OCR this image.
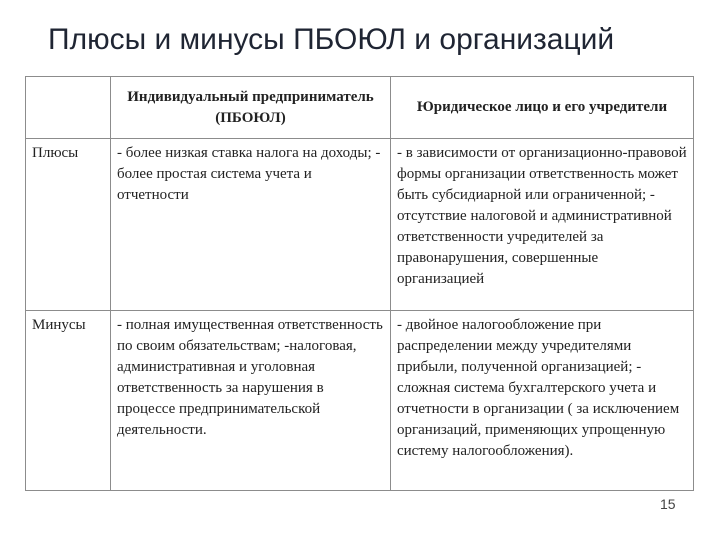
Плюсы и минусы ПБОЮЛ и организаций
	Индивидуальный предприниматель (ПБОЮЛ)	Юридическое лицо и его учредители
Плюсы	- более низкая ставка налога на доходы; - более простая система учета и отчетности	- в зависимости от организационно-правовой формы организации ответственность может быть субсидиарной или ограниченной; - отсутствие налоговой и административной ответственности учредителей за правонарушения, совершенные организацией
Минусы	- полная имущественная ответственность по своим обязательствам; -налоговая, административная и уголовная ответственность за нарушения в процессе предпринимательской деятельности.	- двойное налогообложение при распределении между учредителями прибыли, полученной организацией; - сложная система бухгалтерского учета и отчетности в организации ( за исключением организаций, применяющих упрощенную систему налогообложения).
15
